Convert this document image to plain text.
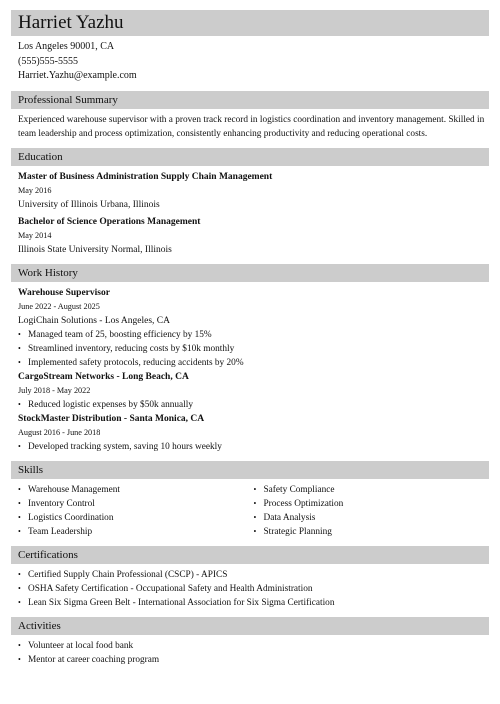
Harriet Yazhu
Los Angeles 90001, CA
(555)555-5555
Harriet.Yazhu@example.com
Professional Summary
Experienced warehouse supervisor with a proven track record in logistics coordination and inventory management. Skilled in team leadership and process optimization, consistently enhancing productivity and reducing operational costs.
Education
Master of Business Administration Supply Chain Management
May 2016
University of Illinois Urbana, Illinois
Bachelor of Science Operations Management
May 2014
Illinois State University Normal, Illinois
Work History
Warehouse Supervisor
June 2022 - August 2025
LogiChain Solutions - Los Angeles, CA
• Managed team of 25, boosting efficiency by 15%
• Streamlined inventory, reducing costs by $10k monthly
• Implemented safety protocols, reducing accidents by 20%
CargoStream Networks - Long Beach, CA
July 2018 - May 2022
• Reduced logistic expenses by $50k annually
StockMaster Distribution - Santa Monica, CA
August 2016 - June 2018
• Developed tracking system, saving 10 hours weekly
Skills
• Warehouse Management
• Inventory Control
• Logistics Coordination
• Team Leadership
• Safety Compliance
• Process Optimization
• Data Analysis
• Strategic Planning
Certifications
• Certified Supply Chain Professional (CSCP) - APICS
• OSHA Safety Certification - Occupational Safety and Health Administration
• Lean Six Sigma Green Belt - International Association for Six Sigma Certification
Activities
• Volunteer at local food bank
• Mentor at career coaching program
